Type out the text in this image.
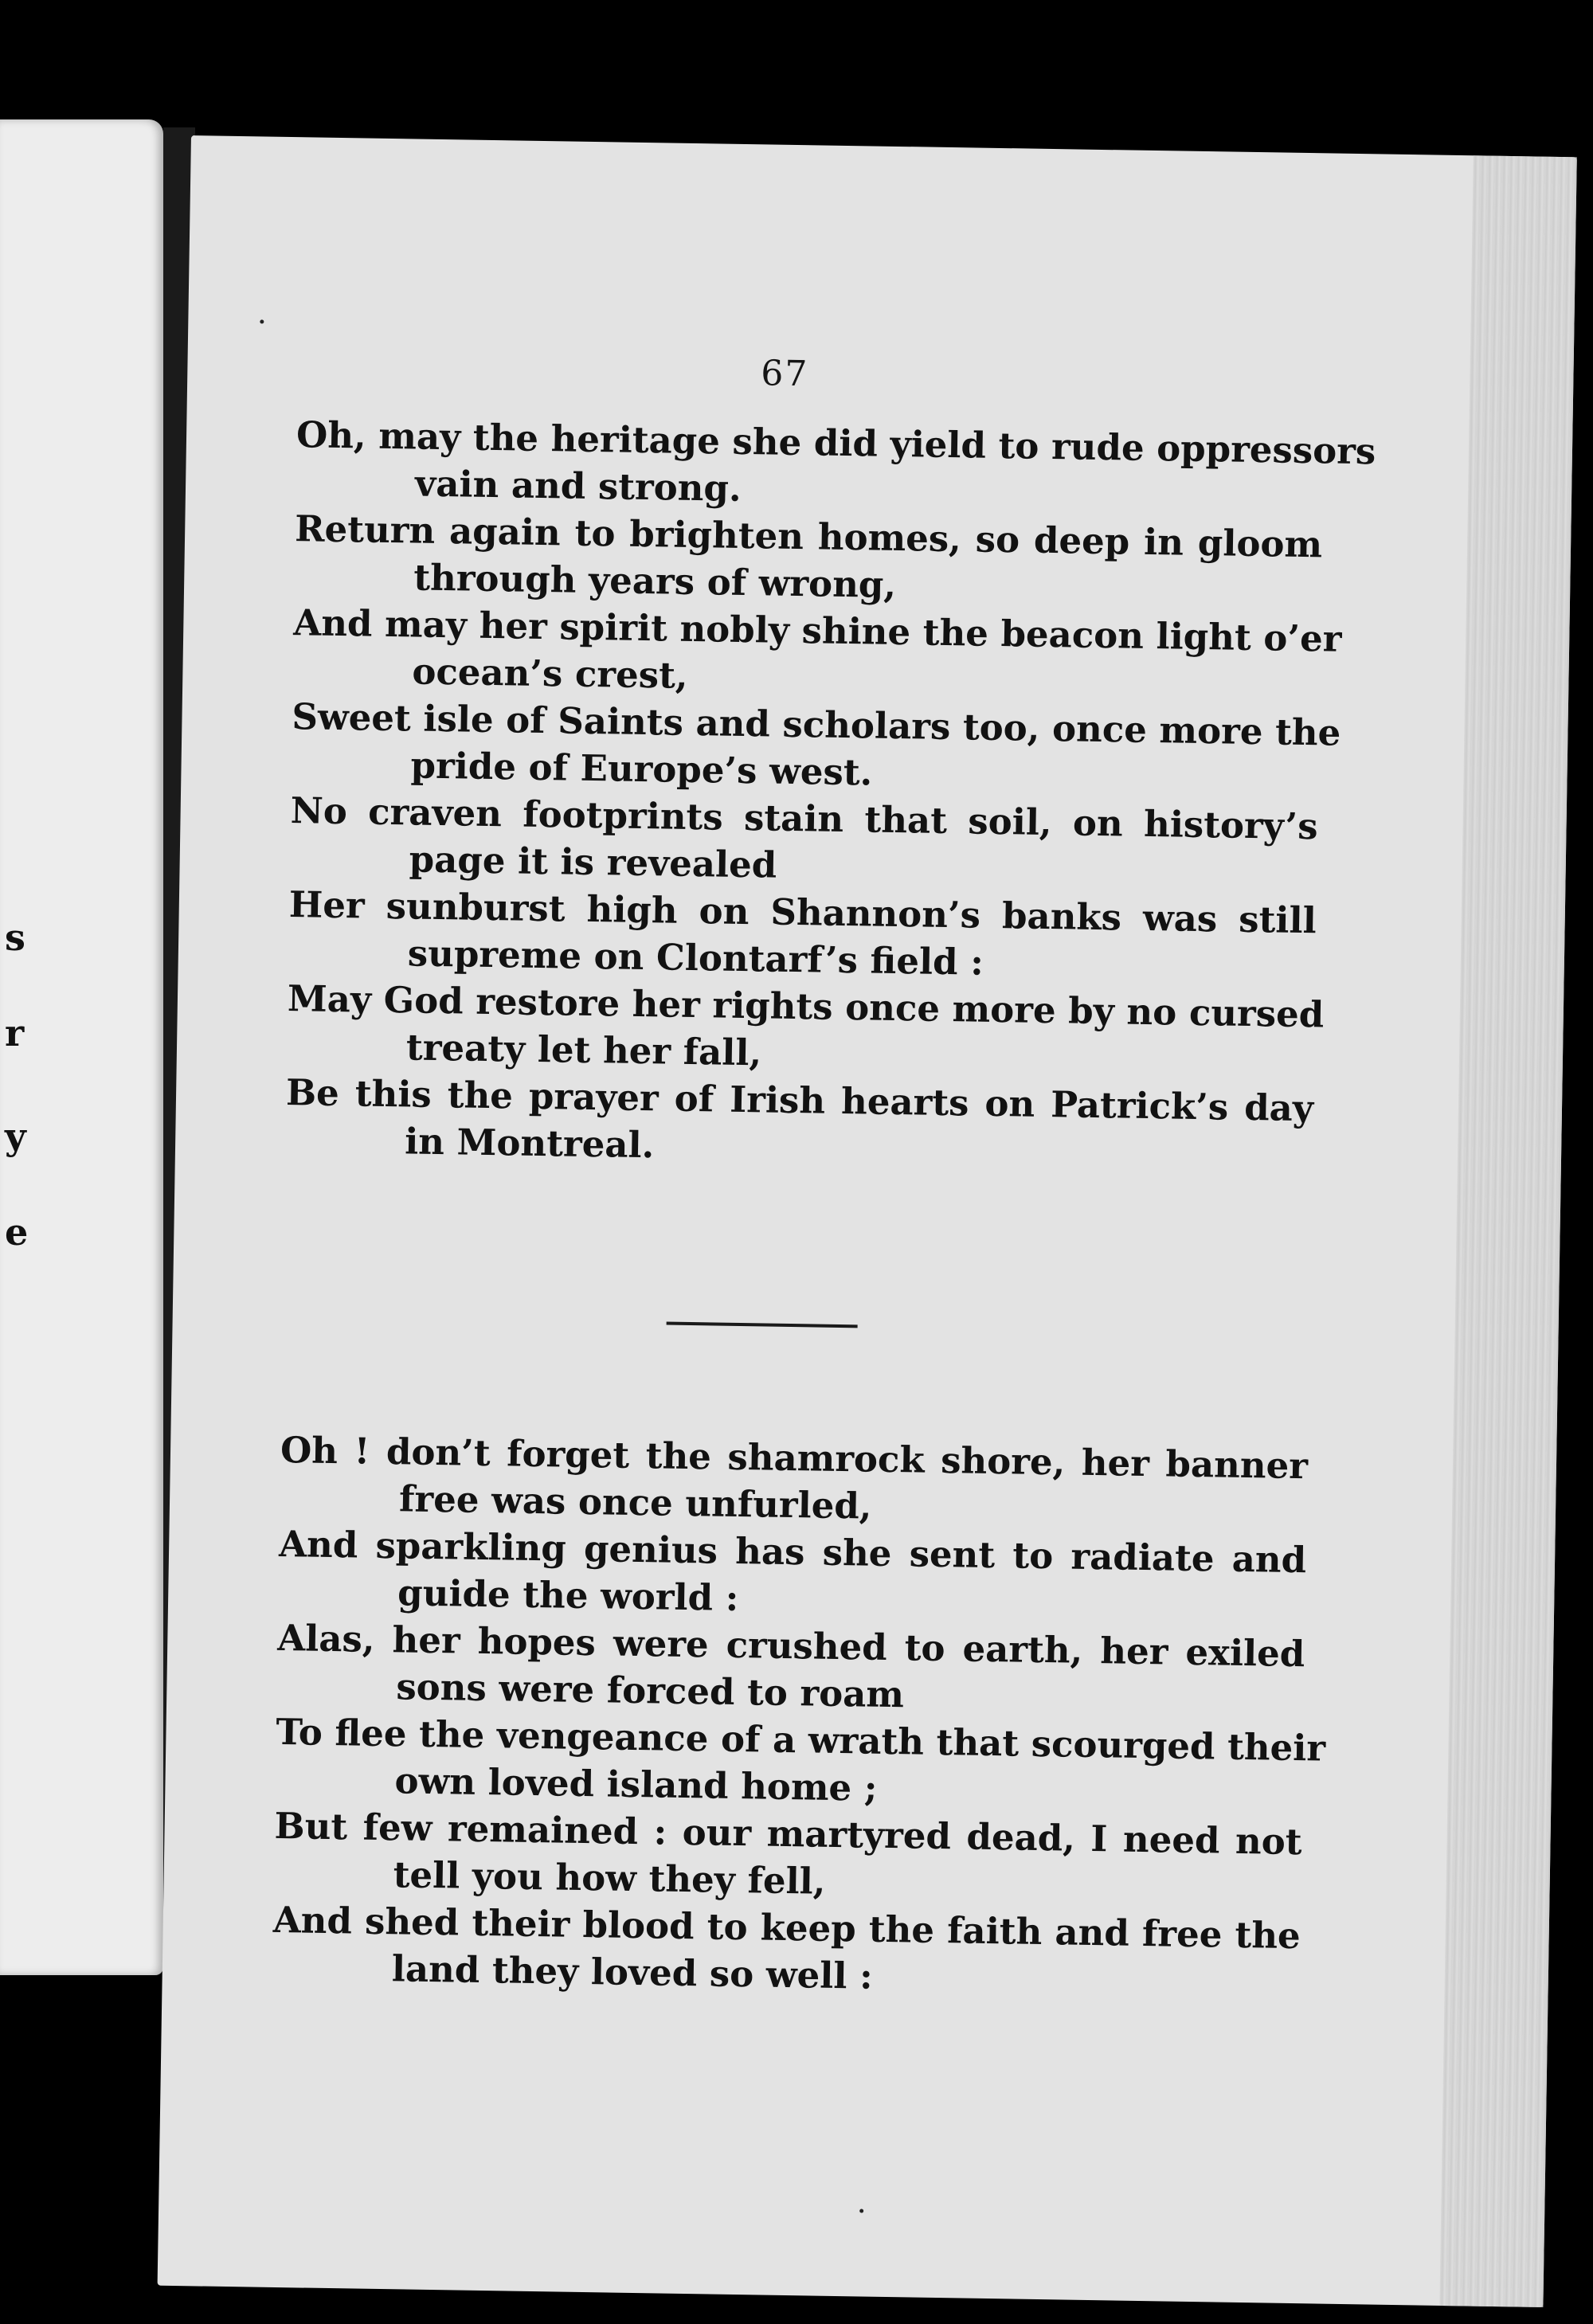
s
r
y
e
67
Oh, may the heritage she did yield to rude oppressors
vain and strong.
Return again to brighten homes, so deep in gloom
through years of wrong,
And may her spirit nobly shine the beacon light o’er
ocean’s crest,
Sweet isle of Saints and scholars too, once more the
pride of Europe’s west.
No craven footprints stain that soil, on history’s
page it is revealed
Her sunburst high on Shannon’s banks was still
supreme on Clontarf’s field :
May God restore her rights once more by no cursed
treaty let her fall,
Be this the prayer of Irish hearts on Patrick’s day
in Montreal.
Oh ! don’t forget the shamrock shore, her banner
free was once unfurled,
And sparkling genius has she sent to radiate and
guide the world :
Alas, her hopes were crushed to earth, her exiled
sons were forced to roam
To flee the vengeance of a wrath that scourged their
own loved island home ;
But few remained : our martyred dead, I need not
tell you how they fell,
And shed their blood to keep the faith and free the
land they loved so well :
